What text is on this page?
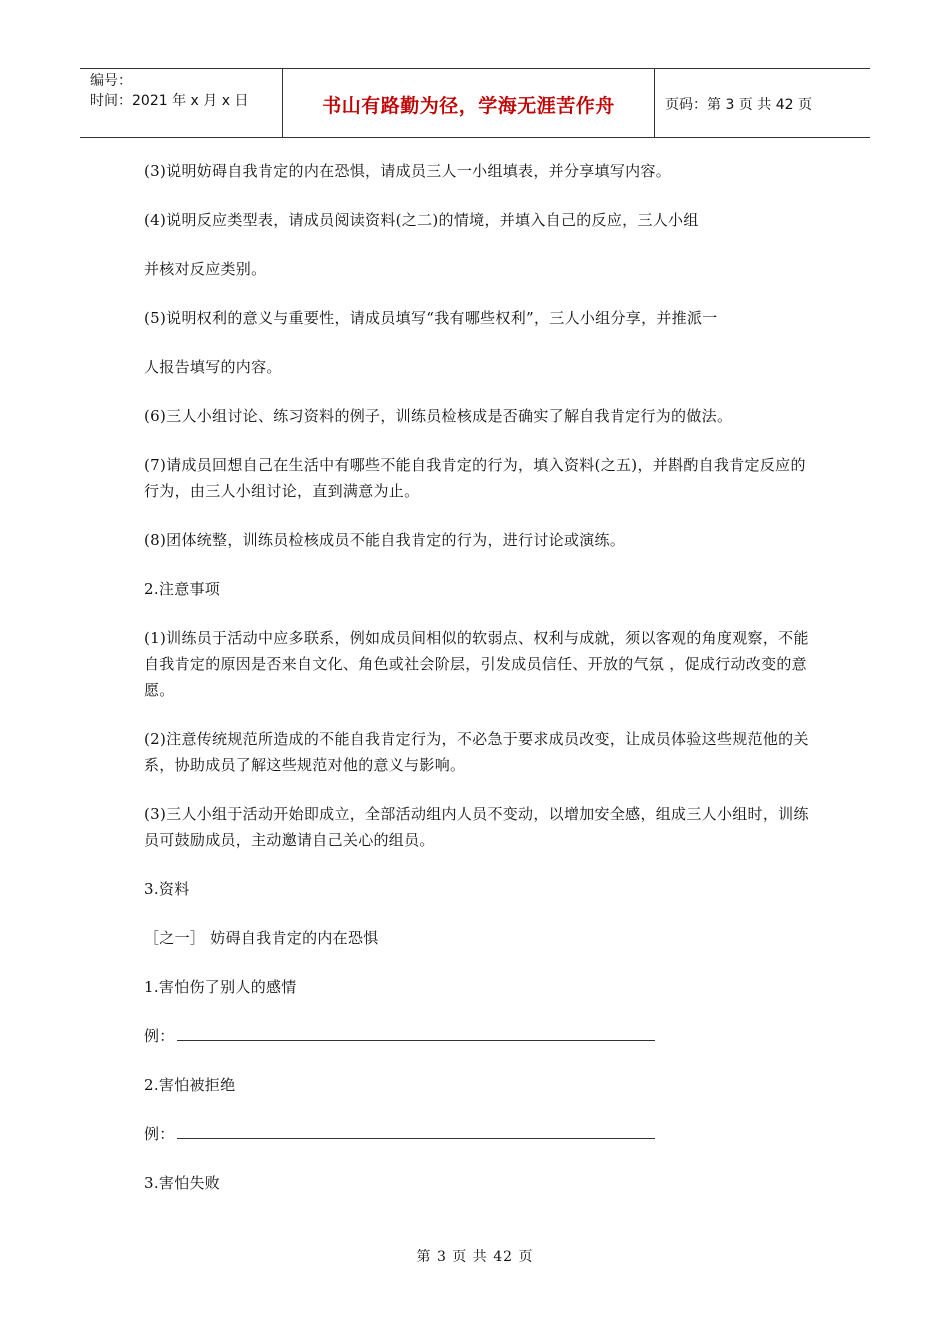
编号：
时间：2021 年 x 月 x 日	书山有路勤为径，学海无涯苦作舟	页码：第 3 页 共 42 页

(3)说明妨碍自我肯定的内在恐惧，请成员三人一小组填表，并分享填写内容。

(4)说明反应类型表，请成员阅读资料(之二)的情境，并填入自己的反应，三人小组

并核对反应类别。

(5)说明权利的意义与重要性，请成员填写“我有哪些权利”，三人小组分享，并推派一

人报告填写的内容。

(6)三人小组讨论、练习资料的例子，训练员检核成是否确实了解自我肯定行为的做法。

(7)请成员回想自己在生活中有哪些不能自我肯定的行为，填入资料(之五)，并斟酌自我肯定反应的行为，由三人小组讨论，直到满意为止。

(8)团体统整，训练员检核成员不能自我肯定的行为，进行讨论或演练。

2.注意事项

(1)训练员于活动中应多联系，例如成员间相似的软弱点、权利与成就，须以客观的角度观察，不能自我肯定的原因是否来自文化、角色或社会阶层，引发成员信任、开放的气氛 ，促成行动改变的意愿。

(2)注意传统规范所造成的不能自我肯定行为，不必急于要求成员改变，让成员体验这些规范他的关系，协助成员了解这些规范对他的意义与影响。

(3)三人小组于活动开始即成立，全部活动组内人员不变动，以增加安全感，组成三人小组时，训练员可鼓励成员，主动邀请自己关心的组员。

3.资料

［之一］ 妨碍自我肯定的内在恐惧

1.害怕伤了别人的感情

例：

2.害怕被拒绝

例：

3.害怕失败

第 3 页 共 42 页
